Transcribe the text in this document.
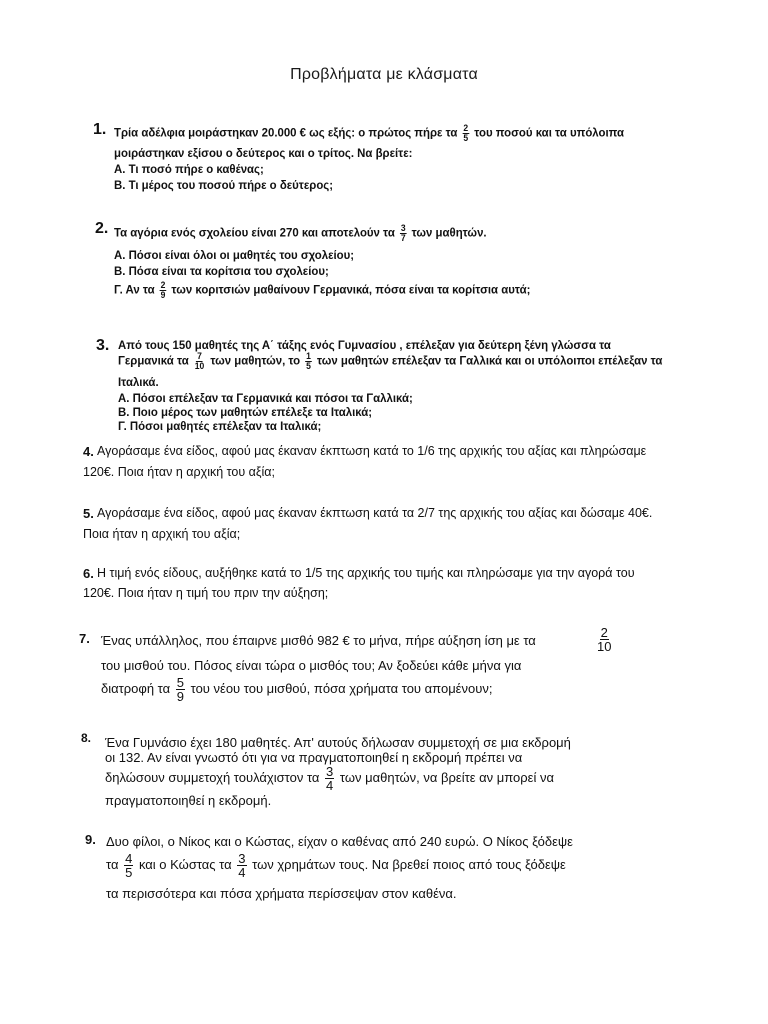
Προβλήματα με κλάσματα
1. Τρία αδέλφια μοιράστηκαν 20.000 € ως εξής: ο πρώτος πήρε τα $\frac{2}{5}$ του ποσού και τα υπόλοιπα
μοιράστηκαν εξίσου ο δεύτερος και ο τρίτος. Να βρείτε:
Α. Τι ποσό πήρε ο καθένας;
Β. Τι μέρος του ποσού πήρε ο δεύτερος;
2. Τα αγόρια ενός σχολείου είναι 270 και αποτελούν τα $\frac{3}{7}$ των μαθητών.
Α. Πόσοι είναι όλοι οι μαθητές του σχολείου;
Β. Πόσα είναι τα κορίτσια του σχολείου;
Γ. Αν τα $\frac{2}{9}$ των κοριτσιών μαθαίνουν Γερμανικά, πόσα είναι τα κορίτσια αυτά;
3. Από τους 150 μαθητές της Α΄ τάξης ενός Γυμνασίου , επέλεξαν για δεύτερη ξένη γλώσσα τα
Γερμανικά τα $\frac{7}{10}$ των μαθητών, το $\frac{1}{5}$ των μαθητών επέλεξαν τα Γαλλικά και οι υπόλοιποι επέλεξαν τα
Ιταλικά.
Α. Πόσοι επέλεξαν τα Γερμανικά και πόσοι τα Γαλλικά;
Β. Ποιο μέρος των μαθητών επέλεξε τα Ιταλικά;
Γ. Πόσοι μαθητές επέλεξαν τα Ιταλικά;
4. Αγοράσαμε ένα είδος, αφού μας έκαναν έκπτωση κατά το 1/6 της αρχικής του αξίας και πληρώσαμε
120€. Ποια ήταν η αρχική του αξία;
5. Αγοράσαμε ένα είδος, αφού μας έκαναν έκπτωση κατά τα 2/7 της αρχικής του αξίας και δώσαμε 40€.
Ποια ήταν η αρχική του αξία;
6. Η τιμή ενός είδους, αυξήθηκε κατά το 1/5 της αρχικής του τιμής και πληρώσαμε για την αγορά του
120€. Ποια ήταν η τιμή του πριν την αύξηση;
7. Ένας υπάλληλος, που έπαιρνε μισθό 982 € το μήνα, πήρε αύξηση ίση με τα	$\frac{2}{10}$
του μισθού του. Πόσος είναι τώρα ο μισθός του; Αν ξοδεύει κάθε μήνα για
διατροφή τα $\frac{5}{9}$ του νέου του μισθού, πόσα χρήματα του απομένουν;
8. Ένα Γυμνάσιο έχει 180 μαθητές. Απ' αυτούς δήλωσαν συμμετοχή σε μια εκδρομή
οι 132. Αν είναι γνωστό ότι για να πραγματοποιηθεί η εκδρομή πρέπει να
δηλώσουν συμμετοχή τουλάχιστον τα $\frac{3}{4}$ των μαθητών, να βρείτε αν μπορεί να
πραγματοποιηθεί η εκδρομή.
9. Δυο φίλοι, ο Νίκος και ο Κώστας, είχαν ο καθένας από 240 ευρώ. Ο Νίκος ξόδεψε
τα $\frac{4}{5}$ και ο Κώστας τα $\frac{3}{4}$ των χρημάτων τους. Να βρεθεί ποιος από τους ξόδεψε
τα περισσότερα και πόσα χρήματα περίσσεψαν στον καθένα.
